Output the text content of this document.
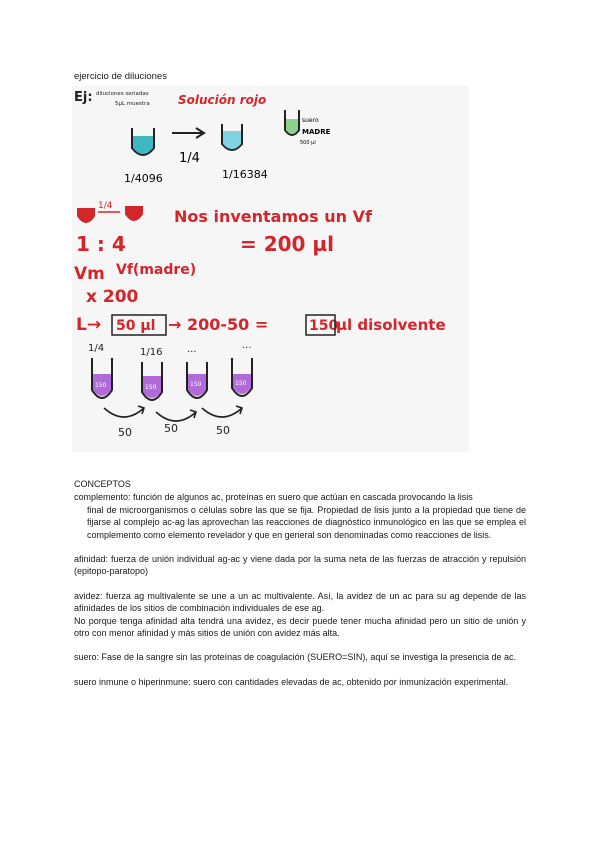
ejercicio de diluciones
Ej: diluciones seriadas
5µL muestra Solución rojo
1/4
1/4096	1/16384
suero
MADRE
500 µl
1/4
Nos inventamos un Vf
1 : 4	= 200 µl
Vm Vf(madre)
x 200
L→ 50 µl → 200-50 =	150
µl disolvente
1/4	1/16 ...	...
150	150	150	150
50	50	50

CONCEPTOS

complemento: función de algunos ac, proteínas en suero que actúan en cascada provocando la lisis

final de microorganismos o células sobre las que se fija. Propiedad de lisis junto a la propiedad que tiene de fijarse al complejo ac-ag las aprovechan las reacciones de diagnóstico inmunológico en las que se emplea el complemento como elemento revelador y que en general son denominadas como reacciones de lisis.

afinidad: fuerza de unión individual ag-ac y viene dada por la suma neta de las fuerzas de atracción y repulsión (epitopo-paratopo)

avidez: fuerza ag multivalente se une a un ac multivalente. Así, la avidez de un ac para su ag depende de las afinidades de los sitios de combinación individuales de ese ag.

No porque tenga afinidad alta tendrá una avidez, es decir puede tener mucha afinidad pero un sitio de unión y otro con menor afinidad y más sitios de unión con avidez más alta.

suero: Fase de la sangre sin las proteínas de coagulación (SUERO=SIN), aquí se investiga la presencia de ac.

suero inmune o hiperinmune: suero con cantidades elevadas de ac, obtenido por inmunización experimental.
